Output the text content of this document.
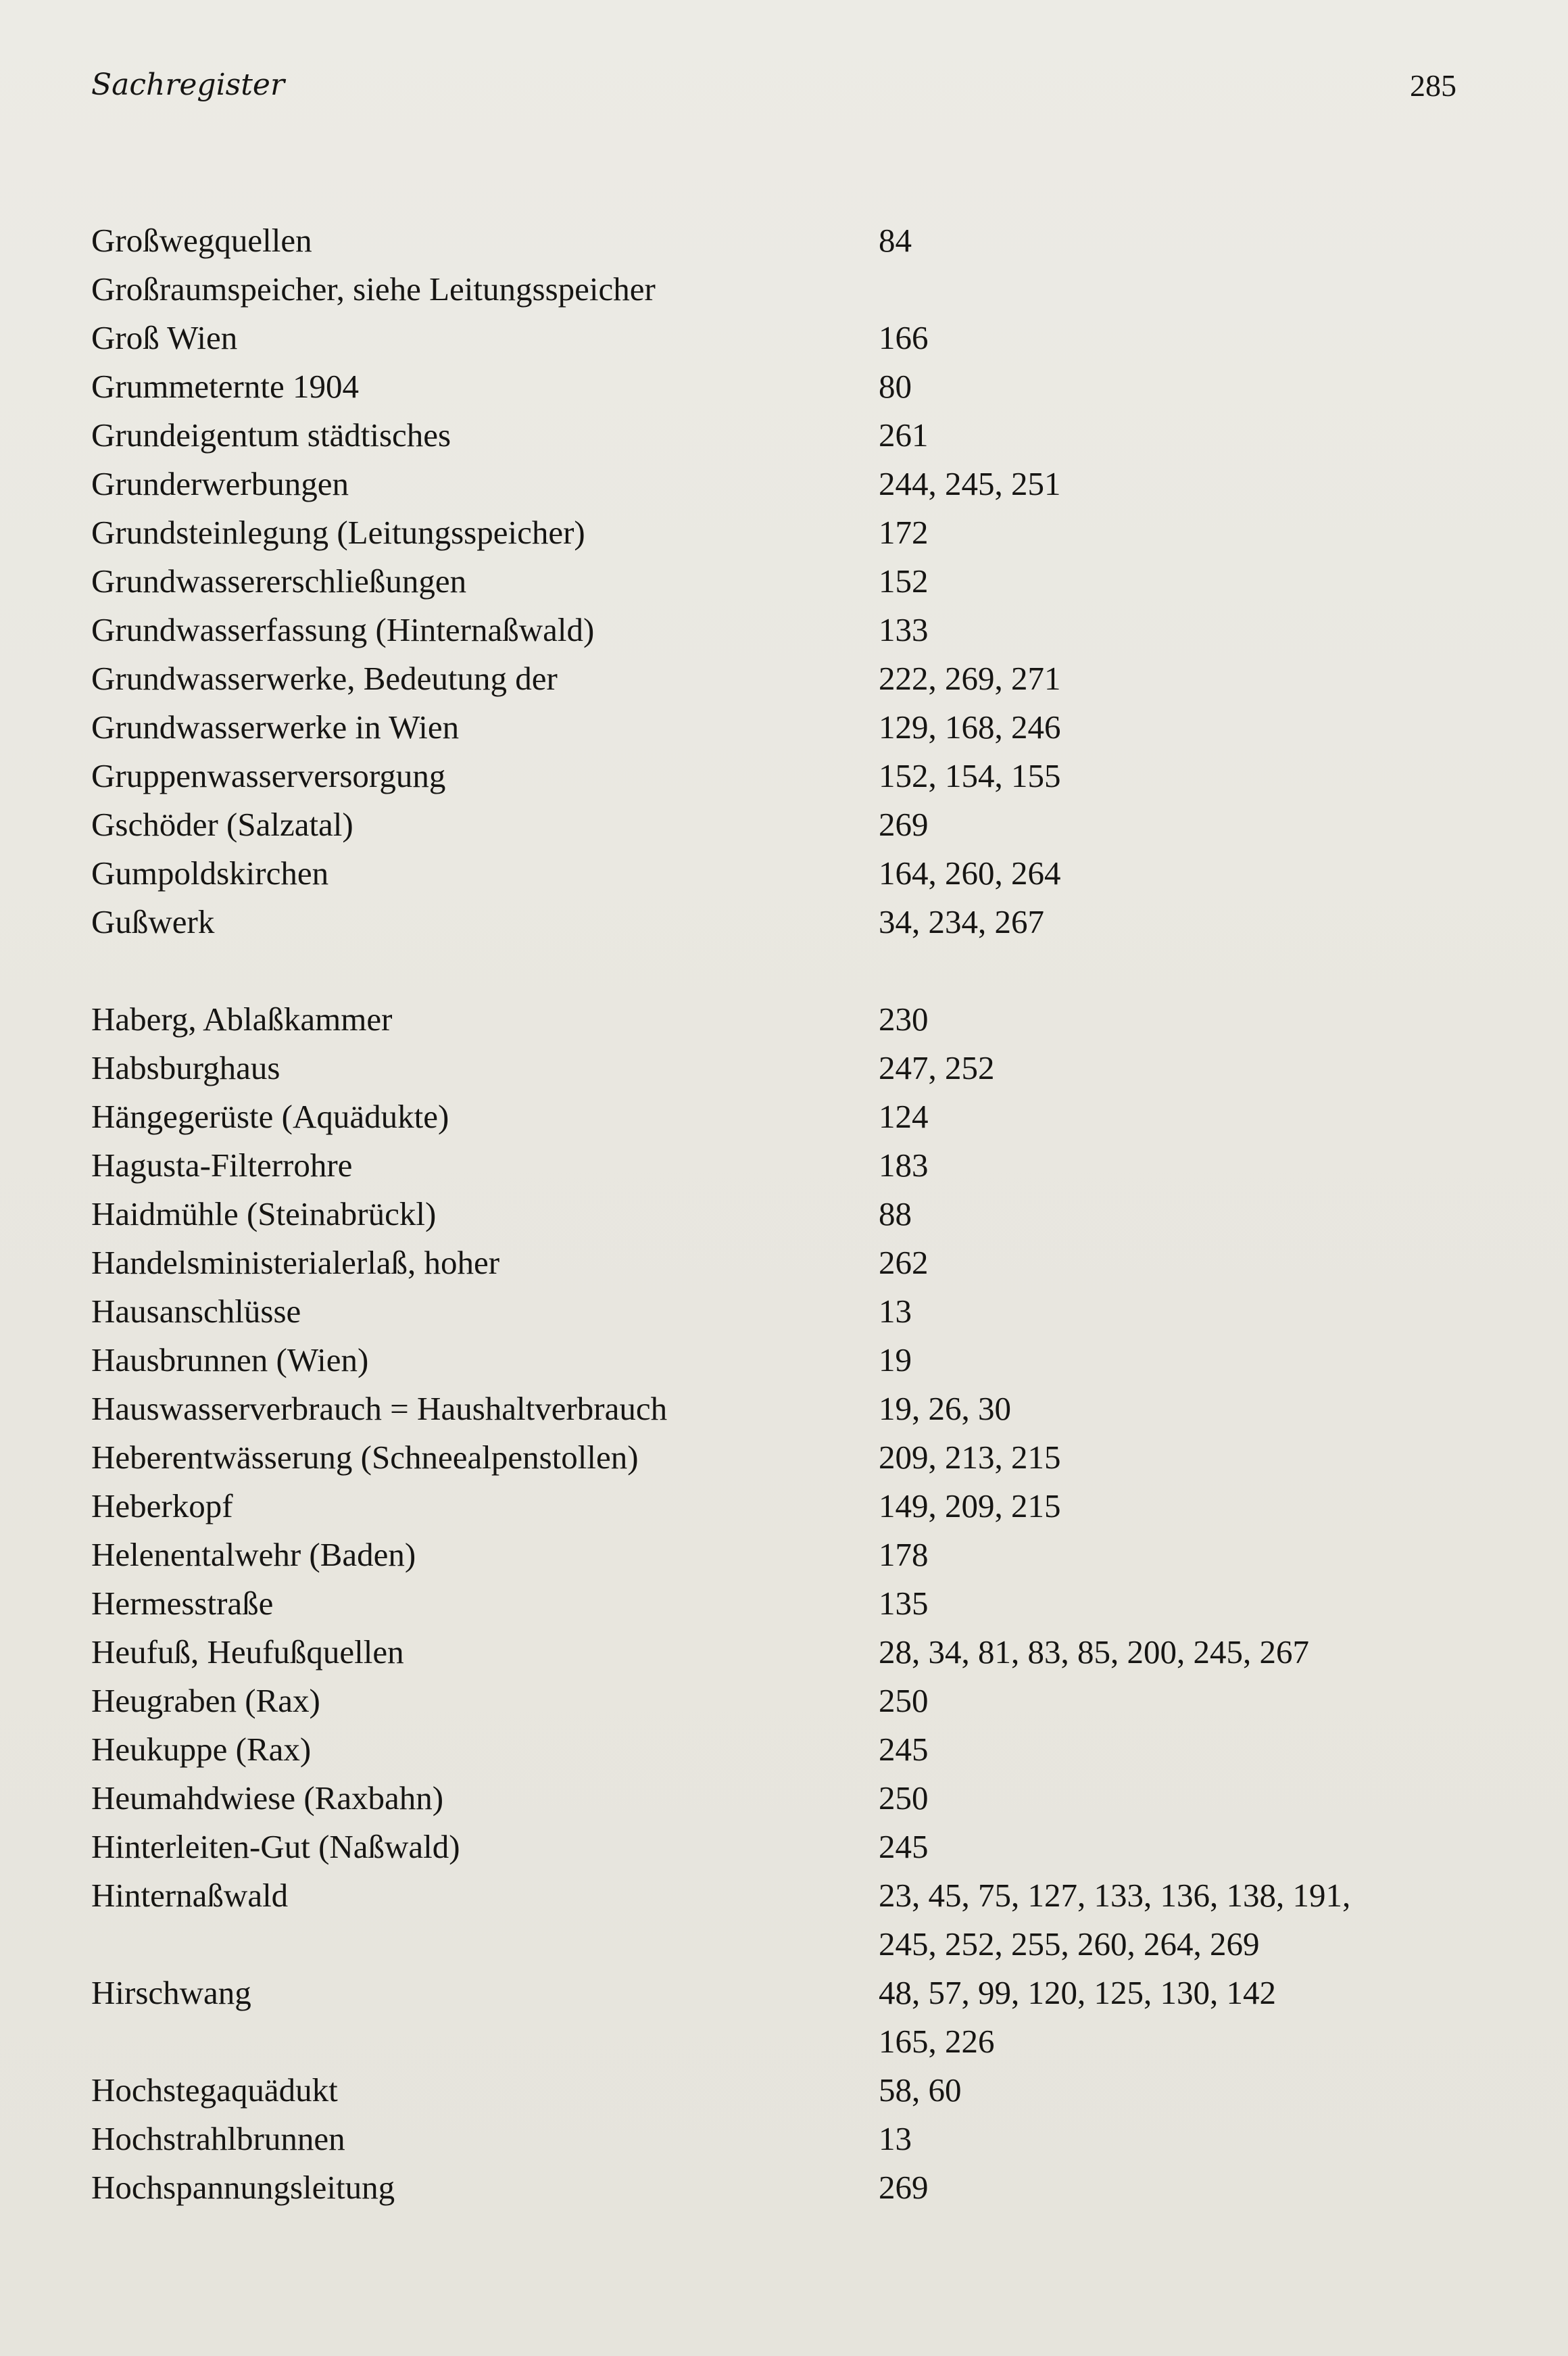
Sachregister	285
Großwegquellen	84
Großraumspeicher, siehe Leitungsspeicher
Groß Wien	166
Grummeternte 1904	80
Grundeigentum städtisches	261
Grunderwerbungen	244, 245, 251
Grundsteinlegung (Leitungsspeicher)	172
Grundwassererschließungen	152
Grundwasserfassung (Hinternaßwald)	133
Grundwasserwerke, Bedeutung der	222, 269, 271
Grundwasserwerke in Wien	129, 168, 246
Gruppenwasserversorgung	152, 154, 155
Gschöder (Salzatal)	269
Gumpoldskirchen	164, 260, 264
Gußwerk	34, 234, 267
Haberg, Ablaßkammer	230
Habsburghaus	247, 252
Hängegerüste (Aquädukte)	124
Hagusta-Filterrohre	183
Haidmühle (Steinabrückl)	88
Handelsministerialerlaß, hoher	262
Hausanschlüsse	13
Hausbrunnen (Wien)	19
Hauswasserverbrauch = Haushaltverbrauch	19, 26, 30
Heberentwässerung (Schneealpenstollen)	209, 213, 215
Heberkopf	149, 209, 215
Helenentalwehr (Baden)	178
Hermesstraße	135
Heufuß, Heufußquellen	28, 34, 81, 83, 85, 200, 245, 267
Heugraben (Rax)	250
Heukuppe (Rax)	245
Heumahdwiese (Raxbahn)	250
Hinterleiten-Gut (Naßwald)	245
Hinternaßwald	23, 45, 75, 127, 133, 136, 138, 191,
245, 252, 255, 260, 264, 269
Hirschwang	48, 57, 99, 120, 125, 130, 142
165, 226
Hochstegaquädukt	58, 60
Hochstrahlbrunnen	13
Hochspannungsleitung	269
